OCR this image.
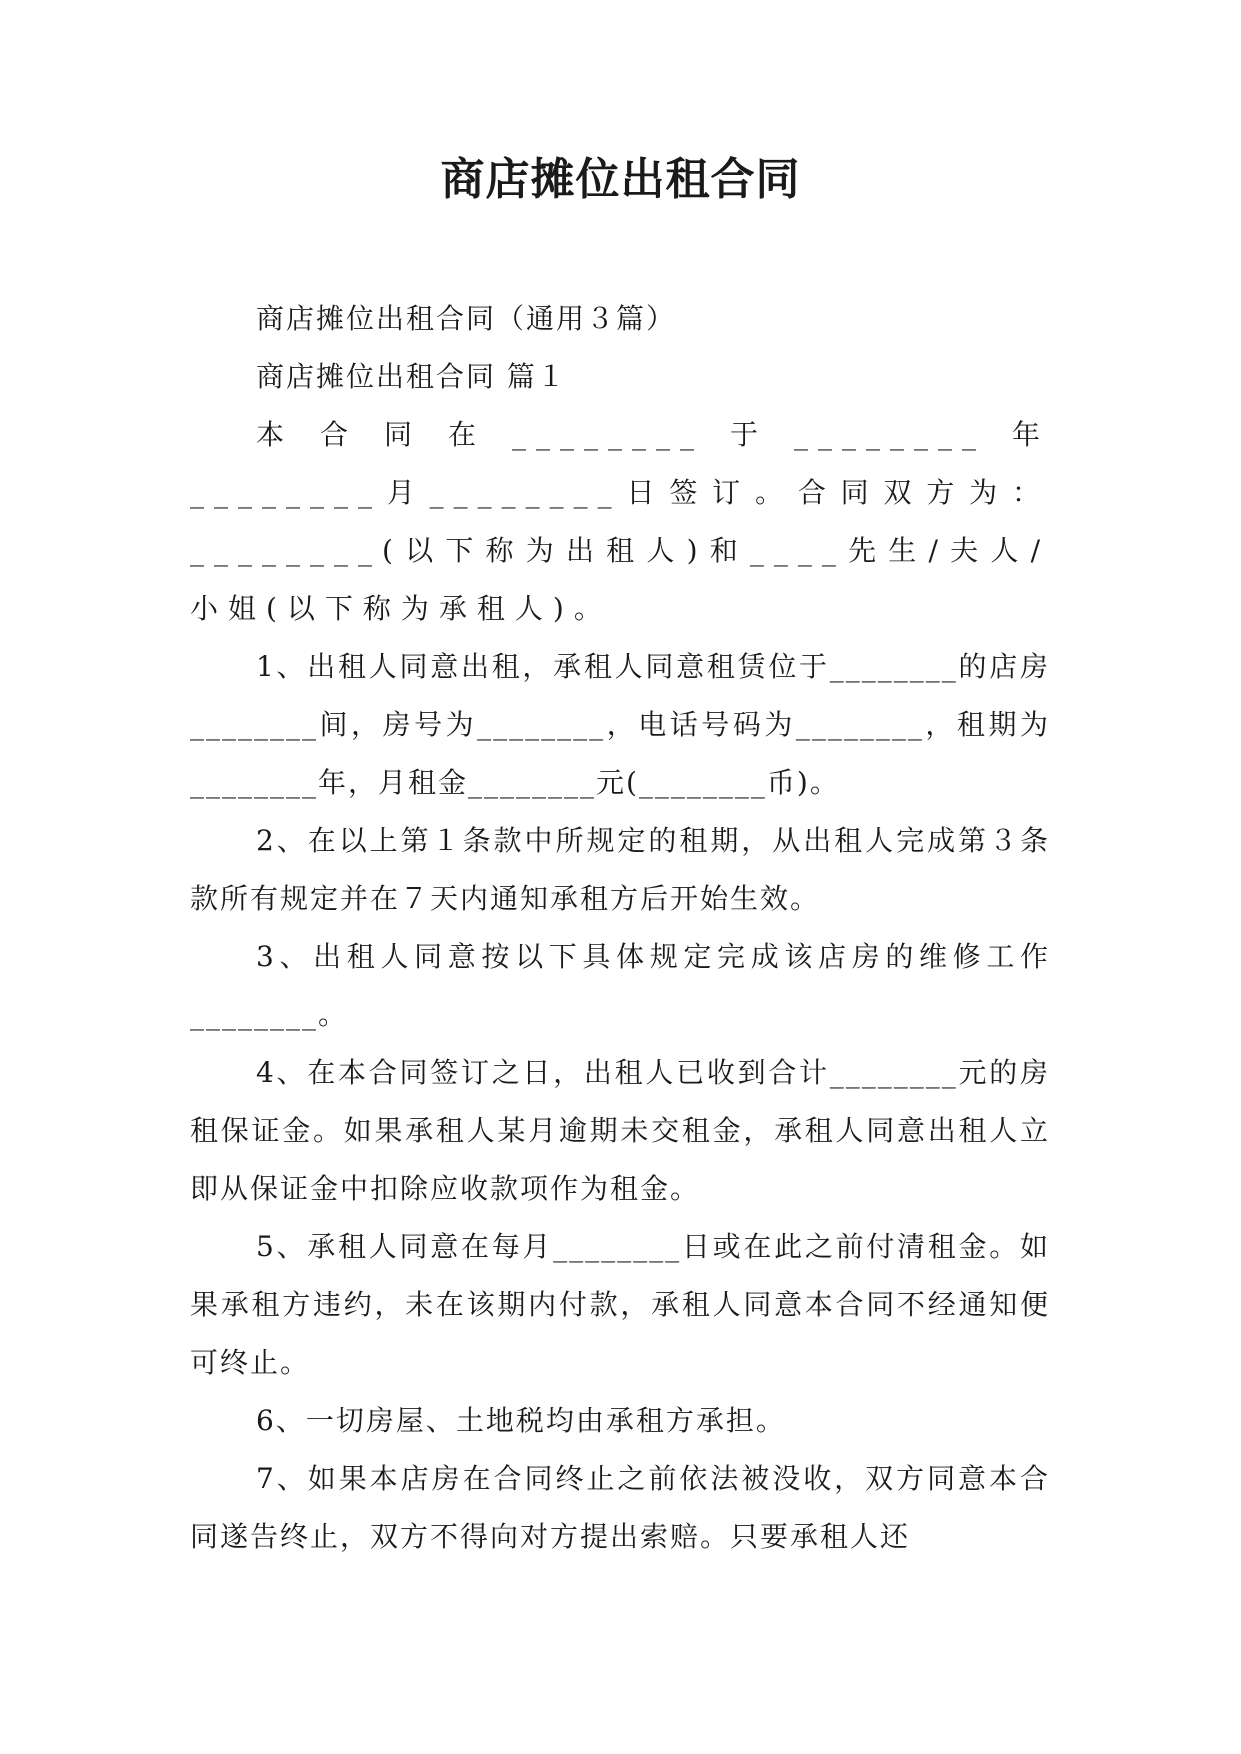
商店摊位出租合同

商店摊位出租合同（通用３篇）

商店摊位出租合同 篇１

本合同在________于________年________月________日签订。合同双方为：________(以下称为出租人)和____先生/夫人/小姐(以下称为承租人)。

1、出租人同意出租，承租人同意租赁位于________的店房________间，房号为________，电话号码为________，租期为________年，月租金________元(________币)。

2、在以上第１条款中所规定的租期，从出租人完成第３条款所有规定并在７天内通知承租方后开始生效。

3、出租人同意按以下具体规定完成该店房的维修工作________。

4、在本合同签订之日，出租人已收到合计________元的房租保证金。如果承租人某月逾期未交租金，承租人同意出租人立即从保证金中扣除应收款项作为租金。

5、承租人同意在每月________日或在此之前付清租金。如果承租方违约，未在该期内付款，承租人同意本合同不经通知便可终止。

6、一切房屋、土地税均由承租方承担。

7、如果本店房在合同终止之前依法被没收，双方同意本合同遂告终止，双方不得向对方提出索赔。只要承租人还
